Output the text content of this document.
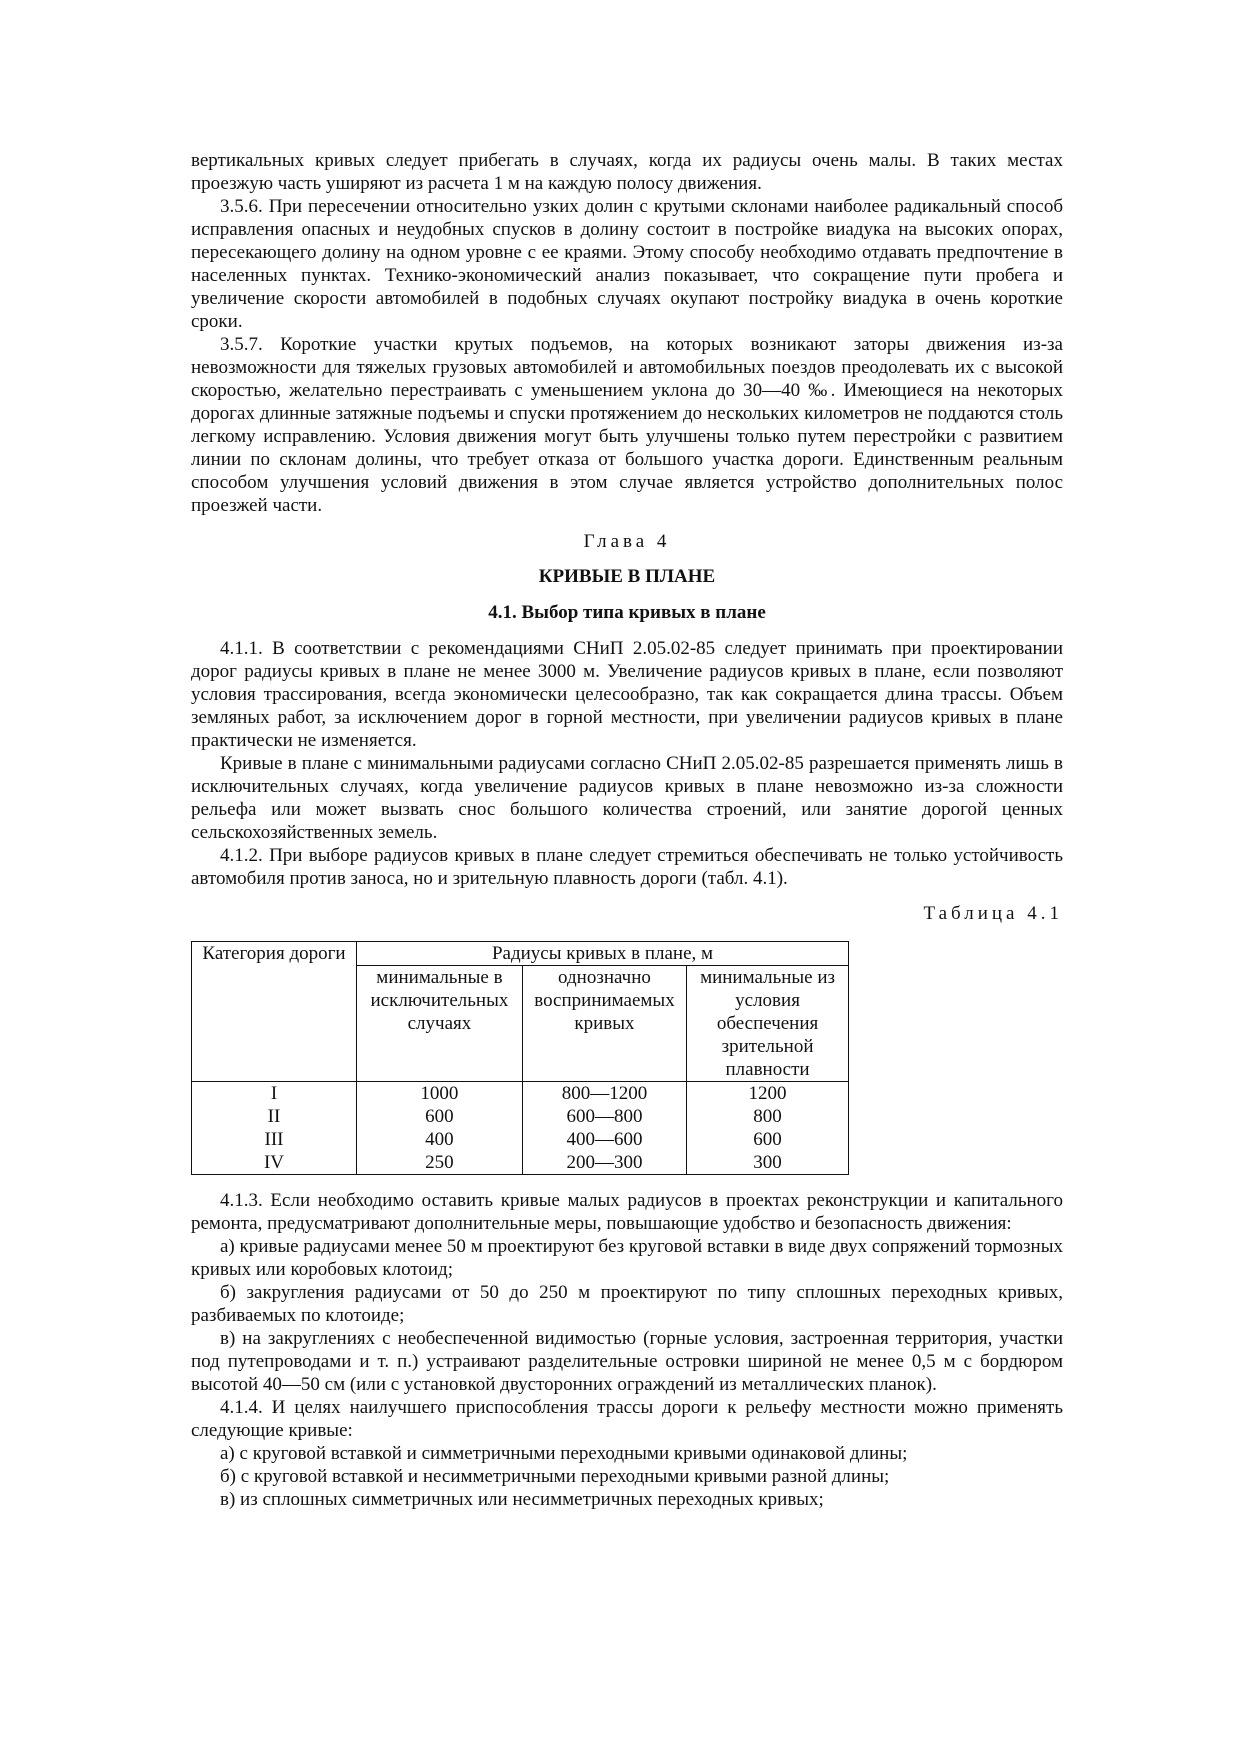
вертикальных кривых следует прибегать в случаях, когда их радиусы очень малы. В таких местах проезжую часть уширяют из расчета 1 м на каждую полосу движения.

3.5.6. При пересечении относительно узких долин с крутыми склонами наиболее радикальный способ исправления опасных и неудобных спусков в долину состоит в постройке виадука на высоких опорах, пересекающего долину на одном уровне с ее краями. Этому способу необходимо отдавать предпочтение в населенных пунктах. Технико-экономический анализ показывает, что сокращение пути пробега и увеличение скорости автомобилей в подобных случаях окупают постройку виадука в очень короткие сроки.

3.5.7. Короткие участки крутых подъемов, на которых возникают заторы движения из-за невозможности для тяжелых грузовых автомобилей и автомобильных поездов преодолевать их с высокой скоростью, желательно перестраивать с уменьшением уклона до 30—40 ‰. Имеющиеся на некоторых дорогах длинные затяжные подъемы и спуски протяжением до нескольких километров не поддаются столь легкому исправлению. Условия движения могут быть улучшены только путем перестройки с развитием линии по склонам долины, что требует отказа от большого участка дороги. Единственным реальным способом улучшения условий движения в этом случае является устройство дополнительных полос проезжей части.

Глава 4
КРИВЫЕ В ПЛАНЕ
4.1. Выбор типа кривых в плане

4.1.1. В соответствии с рекомендациями СНиП 2.05.02-85 следует принимать при проектировании дорог радиусы кривых в плане не менее 3000 м. Увеличение радиусов кривых в плане, если позволяют условия трассирования, всегда экономически целесообразно, так как сокращается длина трассы. Объем земляных работ, за исключением дорог в горной местности, при увеличении радиусов кривых в плане практически не изменяется.

Кривые в плане с минимальными радиусами согласно СНиП 2.05.02-85 разрешается применять лишь в исключительных случаях, когда увеличение радиусов кривых в плане невозможно из-за сложности рельефа или может вызвать снос большого количества строений, или занятие дорогой ценных сельскохозяйственных земель.

4.1.2. При выборе радиусов кривых в плане следует стремиться обеспечивать не только устойчивость автомобиля против заноса, но и зрительную плавность дороги (табл. 4.1).

Таблица 4.1
Категория дороги	Радиусы кривых в плане, м		
	минимальные в исключительных случаях	однозначно воспринимаемых кривых	минимальные из условия обеспечения зрительной плавности
I	1000	800—1200	1200
II	600	600—800	800
III	400	400—600	600
IV	250	200—300	300

4.1.3. Если необходимо оставить кривые малых радиусов в проектах реконструкции и капитального ремонта, предусматривают дополнительные меры, повышающие удобство и безопасность движения:

а) кривые радиусами менее 50 м проектируют без круговой вставки в виде двух сопряжений тормозных кривых или коробовых клотоид;

б) закругления радиусами от 50 до 250 м проектируют по типу сплошных переходных кривых, разбиваемых по клотоиде;

в) на закруглениях с необеспеченной видимостью (горные условия, застроенная территория, участки под путепроводами и т. п.) устраивают разделительные островки шириной не менее 0,5 м с бордюром высотой 40—50 см (или с установкой двусторонних ограждений из металлических планок).

4.1.4. И целях наилучшего приспособления трассы дороги к рельефу местности можно применять следующие кривые:

а) с круговой вставкой и симметричными переходными кривыми одинаковой длины;

б) с круговой вставкой и несимметричными переходными кривыми разной длины;

в) из сплошных симметричных или несимметричных переходных кривых;
